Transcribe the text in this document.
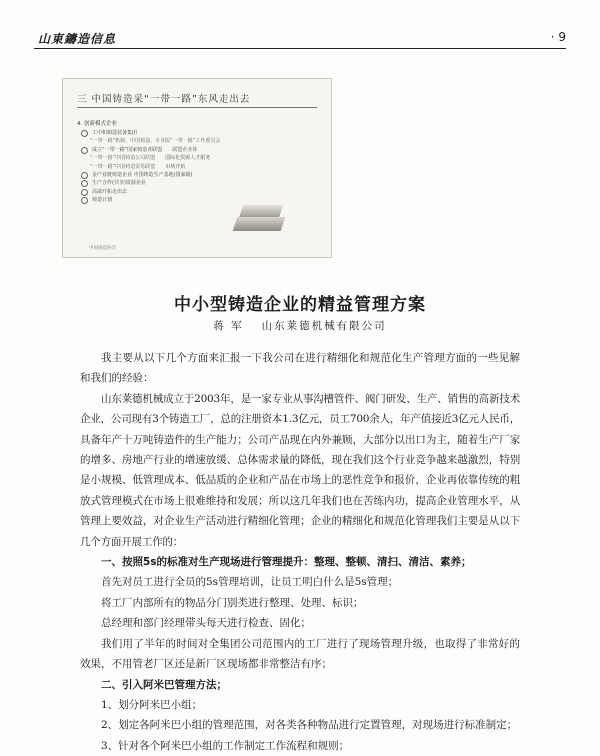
山東鑄造信息	· 9
三 中国铸造采“一带一路”东风走出去
4. 创新模式企业
工中和制造装备集团
“一带一路”机制、中国铸造、专业版“一带一路”工作委员会
成立“一带一路”国家铸造业联盟 联盟企业体
“一带一路”中国铸造公司联盟 国际化资源人才服务
“一带一路”中国铸造贸易联盟 市场开拓
金产业链铸造企业 中国铸造生产基地(国家级)
生产合作(共享)资源企业
高端开拓走出去
铸造计划
中国铸造协会
中小型铸造企业的精益管理方案
蒋 军 山东莱德机械有限公司

我主要从以下几个方面来汇报一下我公司在进行精细化和规范化生产管理方面的一些见解和我们的经验：

山东莱德机械成立于2003年，是一家专业从事沟槽管件、阀门研发、生产、销售的高新技术企业，公司现有3个铸造工厂，总的注册资本1.3亿元，员工700余人，年产值接近3亿元人民币，具备年产十万吨铸造件的生产能力；公司产品现在内外兼顾，大部分以出口为主，随着生产厂家的增多、房地产行业的增速放缓、总体需求量的降低，现在我们这个行业竞争越来越激烈，特别是小规模、低管理成本、低品质的企业和产品在市场上的恶性竞争和报价，企业再依靠传统的粗放式管理模式在市场上很难维持和发展；所以这几年我们也在苦练内功，提高企业管理水平，从管理上要效益，对企业生产活动进行精细化管理；企业的精细化和规范化管理我们主要是从以下几个方面开展工作的：

一、按照5s的标准对生产现场进行管理提升：整理、整顿、清扫、清洁、素养；

首先对员工进行全员的5s管理培训，让员工明白什么是5s管理；

将工厂内部所有的物品分门别类进行整理、处理、标识；

总经理和部门经理带头每天进行检查、固化；

我们用了半年的时间对全集团公司范围内的工厂进行了现场管理升级，也取得了非常好的效果，不用管老厂区还是新厂区现场都非常整洁有序；

二、引入阿米巴管理方法；

1、划分阿米巴小组；

2、划定各阿米巴小组的管理范围，对各类各种物品进行定置管理，对现场进行标准制定；

3、针对各个阿米巴小组的工作制定工作流程和规则；
